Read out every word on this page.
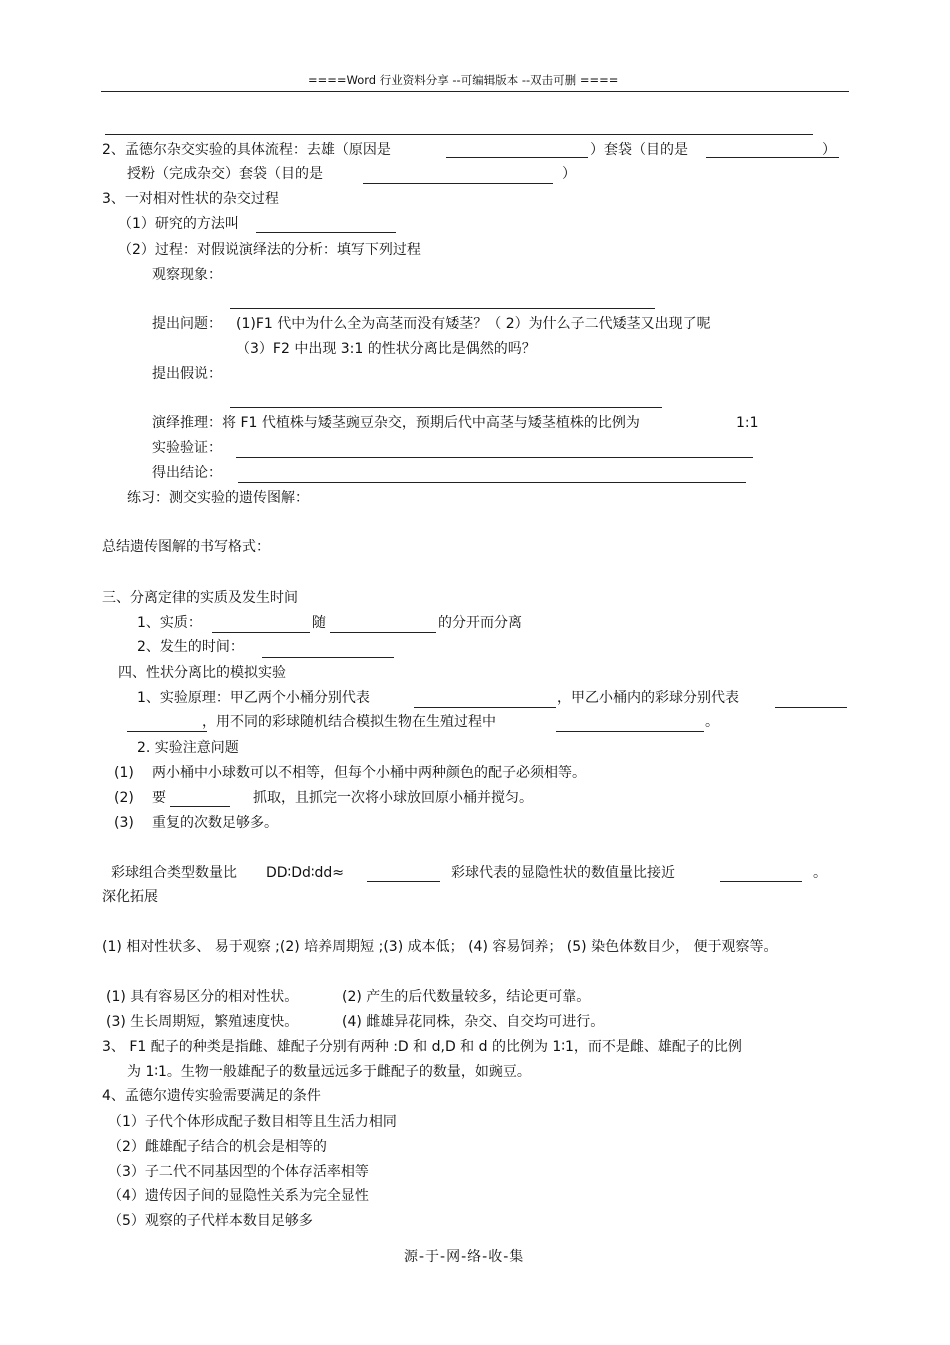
====Word 行业资料分享 --可编辑版本 --双击可删 ====
2、孟德尔杂交实验的具体流程：去雄（原因是	）套袋（目的是	）
授粉（完成杂交）套袋（目的是	）
3、一对相对性状的杂交过程
（1）研究的方法叫
（2）过程：对假说演绎法的分析：填写下列过程
观察现象：
提出问题： (1)F1 代中为什么全为高茎而没有矮茎？（ 2）为什么子二代矮茎又出现了呢
（3）F2 中出现 3:1 的性状分离比是偶然的吗？
提出假说：
演绎推理：将 F1 代植株与矮茎豌豆杂交，预期后代中高茎与矮茎植株的比例为	1:1
实验验证：
得出结论：
练习：测交实验的遗传图解：
总结遗传图解的书写格式：
三、分离定律的实质及发生时间
1、实质：	随	的分开而分离
2、发生的时间：
四、性状分离比的模拟实验
1、实验原理：甲乙两个小桶分别代表	，甲乙小桶内的彩球分别代表
，用不同的彩球随机结合模拟生物在生殖过程中	。
2. 实验注意问题
(1) 两小桶中小球数可以不相等，但每个小桶中两种颜色的配子必须相等。
(2) 要	抓取，且抓完一次将小球放回原小桶并搅匀。
(3) 重复的次数足够多。
彩球组合类型数量比 DD∶Dd∶dd≈	彩球代表的显隐性状的数值量比接近	。
深化拓展
(1) 相对性状多、 易于观察 ;(2) 培养周期短 ;(3) 成本低； (4) 容易饲养； (5) 染色体数目少， 便于观察等。
(1) 具有容易区分的相对性状。	(2) 产生的后代数量较多，结论更可靠。
(3) 生长周期短，繁殖速度快。	(4) 雌雄异花同株，杂交、自交均可进行。
3、 F1 配子的种类是指雌、雄配子分别有两种 :D 和 d,D 和 d 的比例为 1∶1，而不是雌、雄配子的比例
为 1∶1。生物一般雄配子的数量远远多于雌配子的数量，如豌豆。
4、孟德尔遗传实验需要满足的条件
（1）子代个体形成配子数目相等且生活力相同
（2）雌雄配子结合的机会是相等的
（3）子二代不同基因型的个体存活率相等
（4）遗传因子间的显隐性关系为完全显性
（5）观察的子代样本数目足够多
源-于-网-络-收-集
